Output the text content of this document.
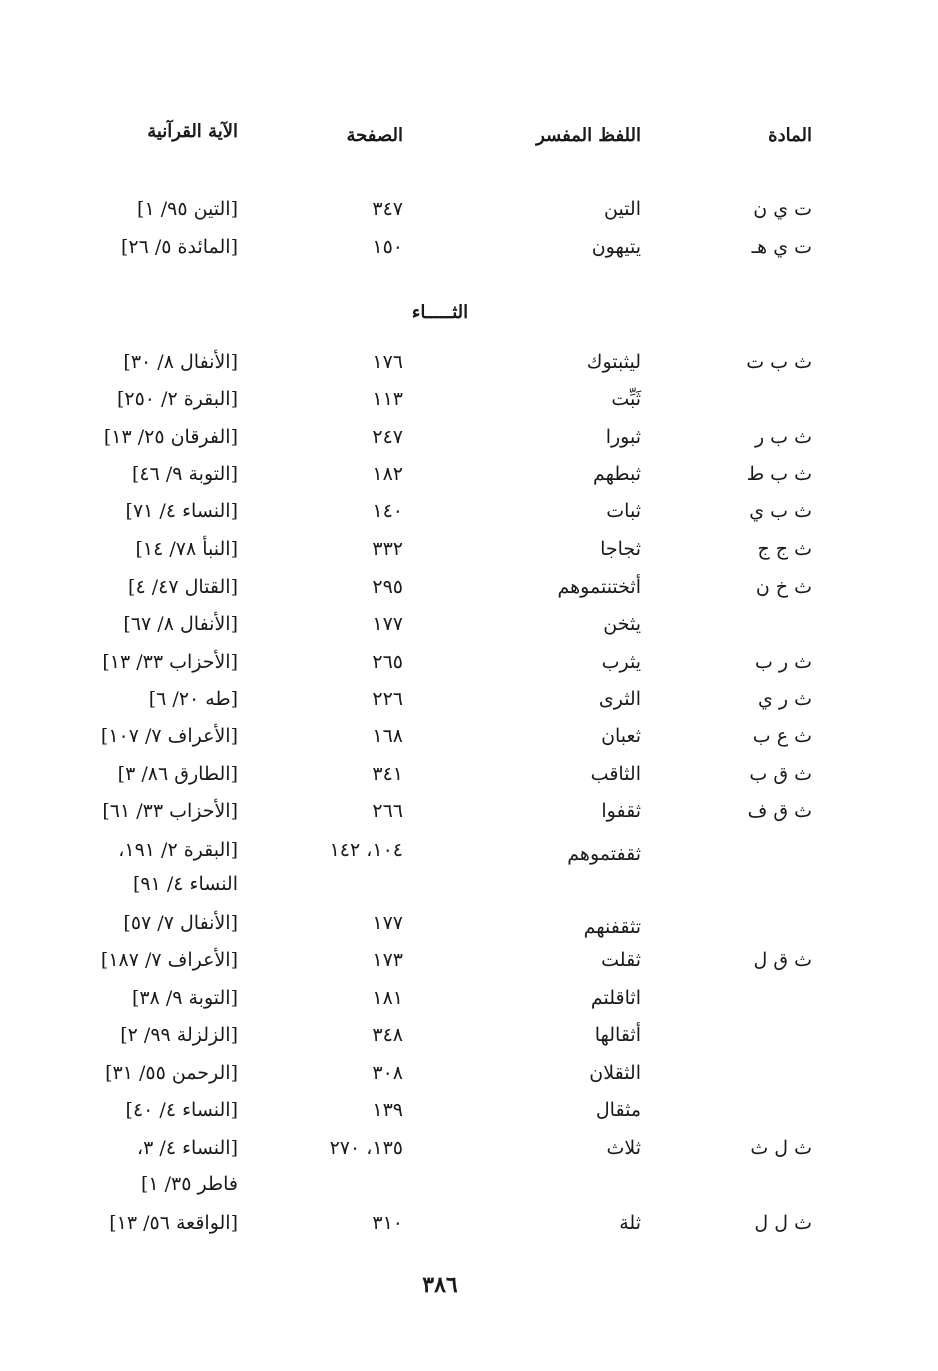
المادة
اللفظ المفسر
الصفحة
الآية القرآنية
الثـــــاء
ت ي ن
التين
٣٤٧
[التين ٩٥/ ١]
ت ي هـ
يتيهون
١٥٠
[المائدة ٥/ ٢٦]
ث ب ت
ليثبتوك
١٧٦
[الأنفال ٨/ ٣٠]
ثَبِّت
١١٣
[البقرة ٢/ ٢٥٠]
ث ب ر
ثبورا
٢٤٧
[الفرقان ٢٥/ ١٣]
ث ب ط
ثبطهم
١٨٢
[التوبة ٩/ ٤٦]
ث ب ي
ثبات
١٤٠
[النساء ٤/ ٧١]
ث ج ج
ثجاجا
٣٣٢
[النبأ ٧٨/ ١٤]
ث خ ن
أثختنتموهم
٢٩٥
[القتال ٤٧/ ٤]
يثخن
١٧٧
[الأنفال ٨/ ٦٧]
ث ر ب
يثرب
٢٦٥
[الأحزاب ٣٣/ ١٣]
ث ر ي
الثرى
٢٢٦
[طه ٢٠/ ٦]
ث ع ب
ثعبان
١٦٨
[الأعراف ٧/ ١٠٧]
ث ق ب
الثاقب
٣٤١
[الطارق ٨٦/ ٣]
ث ق ف
ثقفوا
٢٦٦
[الأحزاب ٣٣/ ٦١]
ثقفتموهم
١٠٤، ١٤٢
[البقرة ٢/ ١٩١،
النساء ٤/ ٩١]
تثقفنهم
١٧٧
[الأنفال ٧/ ٥٧]
ث ق ل
ثقلت
١٧٣
[الأعراف ٧/ ١٨٧]
اثاقلتم
١٨١
[التوبة ٩/ ٣٨]
أثقالها
٣٤٨
[الزلزلة ٩٩/ ٢]
الثقلان
٣٠٨
[الرحمن ٥٥/ ٣١]
مثقال
١٣٩
[النساء ٤/ ٤٠]
ث ل ث
ثلاث
١٣٥، ٢٧٠
[النساء ٤/ ٣،
فاطر ٣٥/ ١]
ث ل ل
ثلة
٣١٠
[الواقعة ٥٦/ ١٣]
٣٨٦
